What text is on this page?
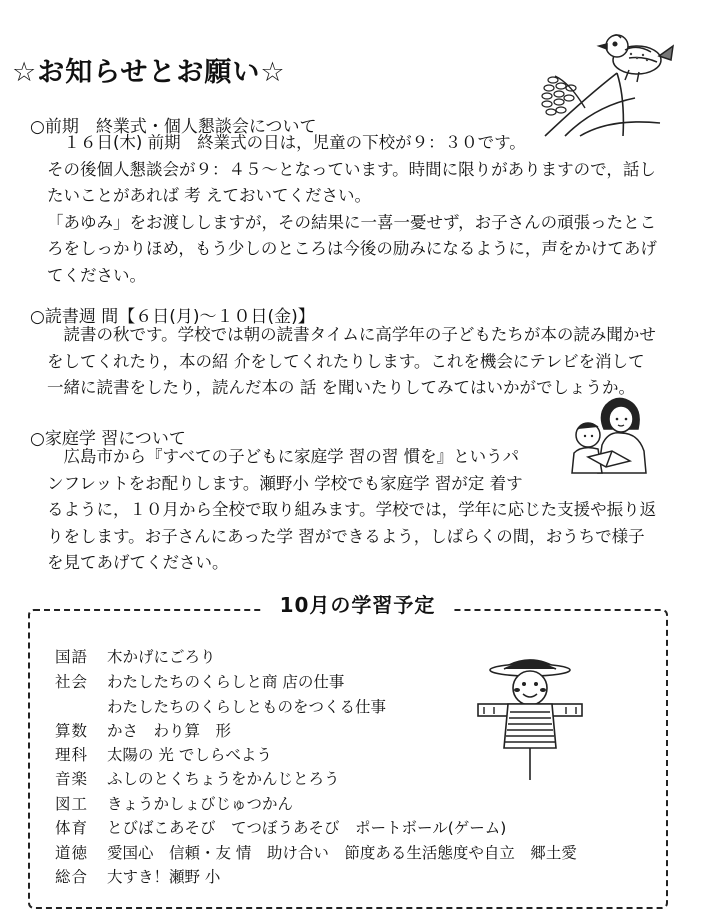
☆お知らせとお願い☆
○前期　終業式・個人懇談会について
　１６日(木) 前期　終業式の日は，児童の下校が９：３０です。
その後個人懇談会が９：４５～となっています。時間に限りがありますので，話し
たいことがあれば 考 えておいてください。
「あゆみ」をお渡ししますが，その結果に一喜一憂せず，お子さんの頑張ったとこ
ろをしっかりほめ，もう少しのところは今後の励みになるように，声をかけてあげ
てください。
○読書週 間【６日(月)～１０日(金)】
　読書の秋です。学校では朝の読書タイムに高学年の子どもたちが本の読み聞かせ
をしてくれたり，本の紹 介をしてくれたりします。これを機会にテレビを消して
一緒に読書をしたり，読んだ本の 話 を聞いたりしてみてはいかがでしょうか。
○家庭学 習について
　広島市から『すべての子どもに家庭学 習の習 慣を』というパ
ンフレットをお配りします。瀬野小 学校でも家庭学 習が定 着す
るように，１０月から全校で取り組みます。学校では，学年に応じた支援や振り返
りをします。お子さんにあった学 習ができるよう，しばらくの間，おうちで様子
を見てあげてください。
10月の学習予定
国語 木かげにごろり
社会 わたしたちのくらしと商 店の仕事
わたしたちのくらしとものをつくる仕事
算数 かさ　わり算　形
理科 太陽の 光 でしらべよう
音楽 ふしのとくちょうをかんじとろう
図工 きょうかしょびじゅつかん
体育 とびばこあそび　てつぼうあそび　ポートボール(ゲーム)
道徳 愛国心　信頼・友 情　助け合い　節度ある生活態度や自立　郷土愛
総合 大すき！瀬野 小
